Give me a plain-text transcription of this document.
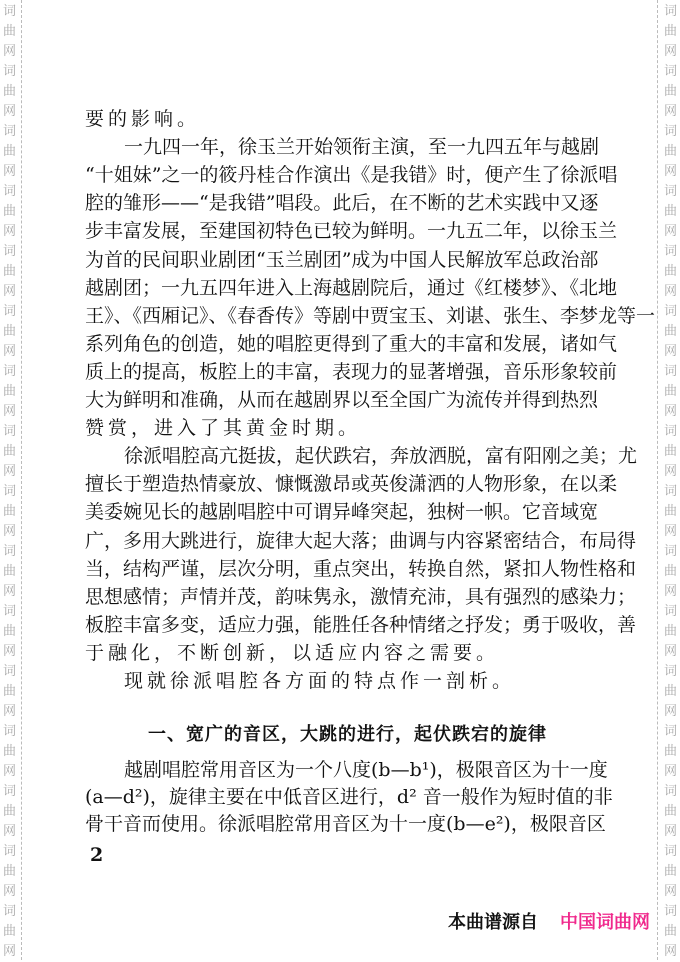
词
曲
网
词
曲
网
词
曲
网
词
曲
网
词
曲
网
词
曲
网
词
曲
网
词
曲
网
词
曲
网
词
曲
网
词
曲
网
词
曲
网
词
曲
网
词
曲
网
词
曲
网
词
曲
网
词
曲
网
词
曲
网
词
曲
网
词
曲
网
词
曲
网
词
曲
网
词
曲
网
词
曲
网
词
曲
网
词
曲
网
词
曲
网
词
曲
网
词
曲
网
词
曲
网
词
曲
网
词
曲
网
要的影响。
一九四一年，徐玉兰开始领衔主演，至一九四五年与越剧
“十姐妹”之一的筱丹桂合作演出《是我错》时，便产生了徐派唱
腔的雏形——“是我错”唱段。此后，在不断的艺术实践中又逐
步丰富发展，至建国初特色已较为鲜明。一九五二年，以徐玉兰
为首的民间职业剧团“玉兰剧团”成为中国人民解放军总政治部
越剧团；一九五四年进入上海越剧院后，通过《红楼梦》、《北地
王》、《西厢记》、《春香传》等剧中贾宝玉、刘谌、张生、李梦龙等一
系列角色的创造，她的唱腔更得到了重大的丰富和发展，诸如气
质上的提高，板腔上的丰富，表现力的显著增强，音乐形象较前
大为鲜明和准确，从而在越剧界以至全国广为流传并得到热烈
赞赏，进入了其黄金时期。
徐派唱腔高亢挺拔，起伏跌宕，奔放洒脱，富有阳刚之美；尤
擅长于塑造热情豪放、慷慨激昂或英俊潇洒的人物形象，在以柔
美委婉见长的越剧唱腔中可谓异峰突起，独树一帜。它音域宽
广，多用大跳进行，旋律大起大落；曲调与内容紧密结合，布局得
当，结构严谨，层次分明，重点突出，转换自然，紧扣人物性格和
思想感情；声情并茂，韵味隽永，激情充沛，具有强烈的感染力；
板腔丰富多变，适应力强，能胜任各种情绪之抒发；勇于吸收，善
于融化，不断创新，以适应内容之需要。
现就徐派唱腔各方面的特点作一剖析。
一、宽广的音区，大跳的进行，起伏跌宕的旋律
越剧唱腔常用音区为一个八度(b—b¹)，极限音区为十一度
(a—d²)，旋律主要在中低音区进行，d² 音一般作为短时值的非
骨干音而使用。徐派唱腔常用音区为十一度(b—e²)，极限音区
2
本曲谱源自 中国词曲网
